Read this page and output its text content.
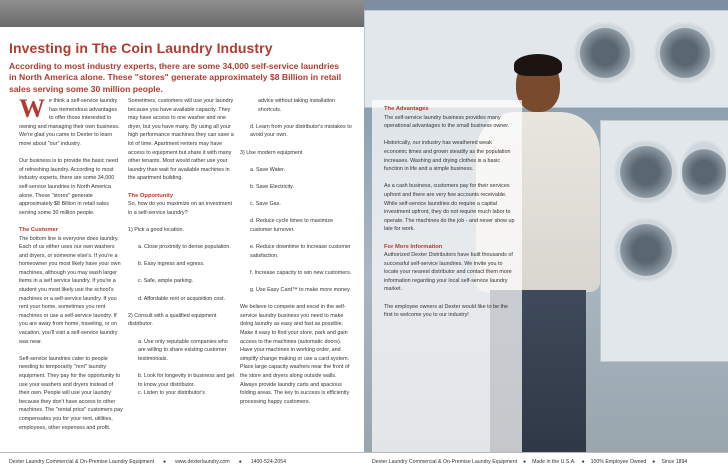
Investing in The Coin Laundry Industry

According to most industry experts, there are some 34,000 self-service laundries in North America alone. These "stores" generate approximately $8 Billion in retail sales serving some 30 million people.

We think a self-service laundry has tremendous advantages to offer those interested in owning and managing their own business. We're glad you came to Dexter to learn more about "our" industry.

Our business is to provide the basic need of refreshing laundry. According to most industry experts, there are some 34,000 self-service laundries in North America alone. These "stores" generate approximately $8 Billion in retail sales serving some 30 million people.

The Customer

The bottom line is everyone does laundry. Each of us either uses our own washers and dryers, or someone else's. If you're a homeowner you most likely have your own machines, although you may wash larger items in a self service laundry. If you're a student you most likely use the school's machines or a self-service laundry. If you rent your home, sometimes you rent machines or use a self-service laundry. If you are away from home, traveling, or on vacation, you'll visit a self-service laundry
was near.

Self-service laundries cater to people needing to temporarily "rent" laundry equipment. They pay for the opportunity to use your washers and dryers instead of their own. People will use your laundry because they don't have access to other machines. The "rental price" customers pay compensates you for your rent, utilities, employees, other expenses and profit.

Sometimes, customers will use your laundry because you have available capacity. They may have access to one washer and one dryer, but you have many. By using all your high performance machines they can save a lot of time. Apartment renters may have access to equipment but share it with many other tenants. Most would rather use your laundry than wait for available machines in the apartment building.

The Opportunity

So, how do you maximize on an investment in a self-service laundry?

1) Pick a good location.

a. Close proximity to dense population.

b. Easy ingress and egress.

c. Safe, ample parking.

d. Affordable rent or acquisition cost.

2) Consult with a qualified equipment distributor.

a. Use only reputable companies who are willing to share existing customer testimonials.

b. Look for longevity in business and get to know your distributor.

c. Listen to your distributor's

advice without taking installation shortcuts.

d. Learn from your distributor's mistakes to avoid your own.

3) Use modern equipment

a. Save Water.

b. Save Electricity.

c. Save Gas.

d. Reduce cycle times to maximize customer turnover.

e. Reduce downtime to increase customer satisfaction.

f. Increase capacity to win new customers.

g. Use Easy Card™ to make more money.

We believe to compete and excel in the self-service laundry business you need to make doing laundry as easy and fast as possible. Make it easy to find your store, park and gain access to the machines (automatic doors). Have your machines in working order, and simplify change making or use a card system. Place large capacity washers near the front of the store and dryers along outside walls. Always provide laundry carts and spacious folding areas. The key to success is efficiently processing happy customers.

The Advantages

The self-service laundry business provides many operational advantages to the small business owner.

Historically, our industry has weathered weak economic times and grown steadily as the population increases. Washing and drying clothes is a basic function in life and a simple business.

As a cash business, customers pay for their services upfront and there are very few accounts receivable. While self-service laundries do require a capital investment upfront, they do not require much labor to operate. The machines do the job - and never show up late for work.

For More Information

Authorized Dexter Distributors have built thousands of successful self-service laundries. We invite you to locate your nearest distributor and contact them more information regarding your local self-service laundry market.

The employee owners at Dexter would like to be the first to welcome you to our industry!

Dexter Laundry Commercial & On-Premise Laundry Equipment ● www.dexterlaundry.com ● 1400-524-2054	Dexter Laundry Commercial & On-Premise Laundry Equipment ● Made in the U.S.A. ● 100% Employee Owned ● Since 1894
